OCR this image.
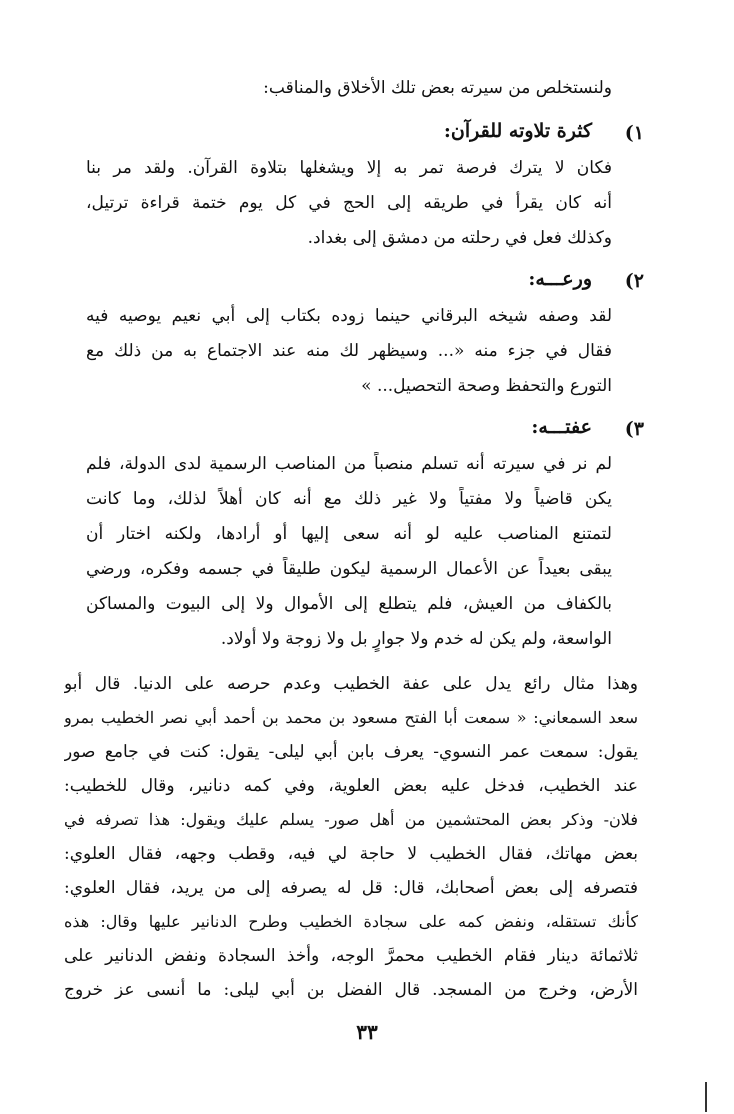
ولنستخلص من سيرته بعض تلك الأخلاق والمناقب:
١)
كثرة تلاوته للقرآن:
فكان لا يترك فرصة تمر به إلا ويشغلها بتلاوة القرآن. ولقد مر بنا
أنه كان يقرأ في طريقه إلى الحج في كل يوم ختمة قراءة ترتيل،
وكذلك فعل في رحلته من دمشق إلى بغداد.
٢)
ورعـــه:
لقد وصفه شيخه البرقاني حينما زوده بكتاب إلى أبي نعيم يوصيه فيه
فقال في جزء منه «... وسيظهر لك منه عند الاجتماع به من ذلك مع
التورع والتحفظ وصحة التحصيل... »
٣)
عفتـــه:
لم نر في سيرته أنه تسلم منصباً من المناصب الرسمية لدى الدولة، فلم
يكن قاضياً ولا مفتياً ولا غير ذلك مع أنه كان أهلاً لذلك، وما كانت
لتمتنع المناصب عليه لو أنه سعى إليها أو أرادها، ولكنه اختار أن
يبقى بعيداً عن الأعمال الرسمية ليكون طليقاً في جسمه وفكره، ورضي
بالكفاف من العيش، فلم يتطلع إلى الأموال ولا إلى البيوت والمساكن
الواسعة، ولم يكن له خدم ولا جوارٍ بل ولا زوجة ولا أولاد.
وهذا مثال رائع يدل على عفة الخطيب وعدم حرصه على الدنيا. قال أبو
سعد السمعاني: « سمعت أبا الفتح مسعود بن محمد بن أحمد أبي نصر الخطيب بمرو
يقول: سمعت عمر النسوي- يعرف بابن أبي ليلى- يقول: كنت في جامع صور
عند الخطيب، فدخل عليه بعض العلوية، وفي كمه دنانير، وقال للخطيب:
فلان- وذكر بعض المحتشمين من أهل صور- يسلم عليك ويقول: هذا تصرفه في
بعض مهاتك، فقال الخطيب لا حاجة لي فيه، وقطب وجهه، فقال العلوي:
فتصرفه إلى بعض أصحابك، قال: قل له يصرفه إلى من يريد، فقال العلوي:
كأنك تستقله، ونفض كمه على سجادة الخطيب وطرح الدنانير عليها وقال: هذه
ثلاثمائة دينار فقام الخطيب محمرَّ الوجه، وأخذ السجادة ونفض الدنانير على
الأرض، وخرج من المسجد. قال الفضل بن أبي ليلى: ما أنسى عز خروج
٣٣
